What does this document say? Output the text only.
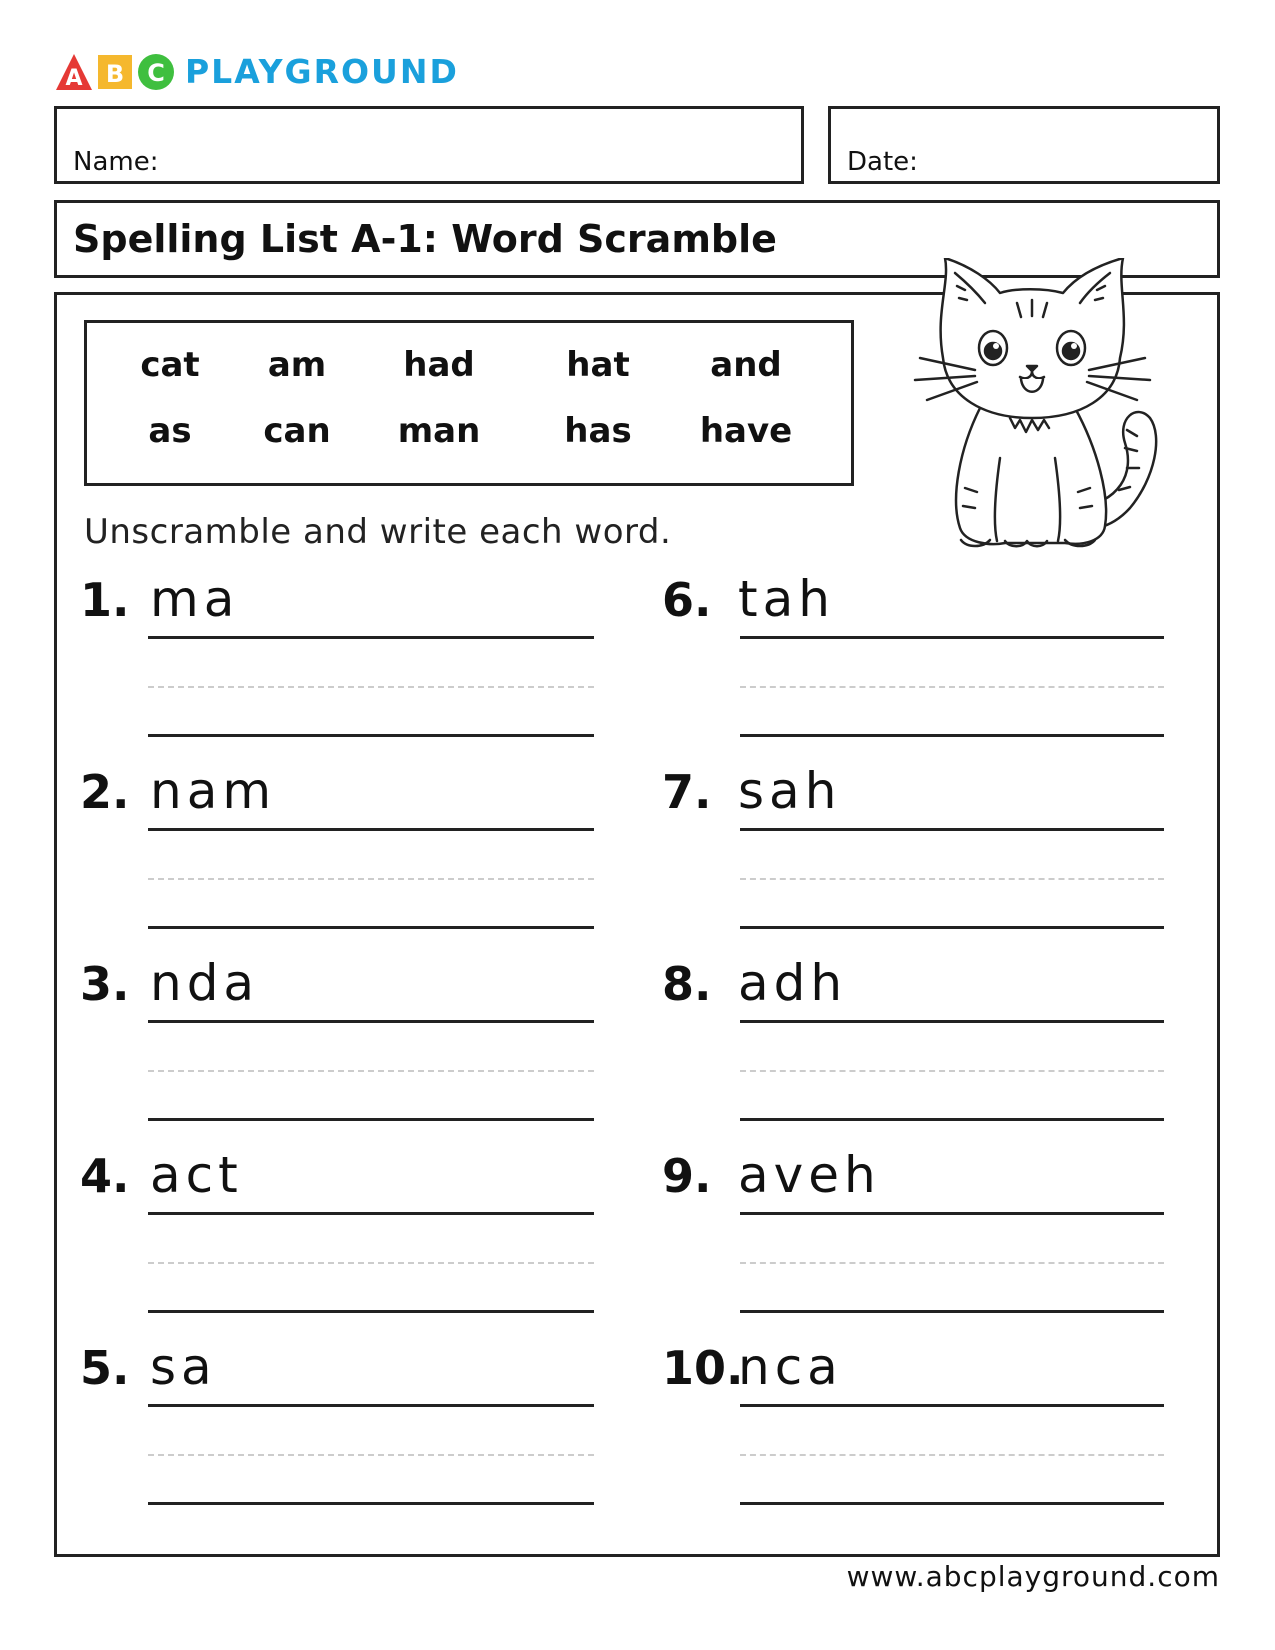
A B C PLAYGROUND
Name:	Date:
Spelling List A-1: Word Scramble
cat	am	had	hat	and
as	can	man	has	have
Unscramble and write each word.
1. ma
2. nam
3. nda
4. act
5. sa
6. tah
7. sah
8. adh
9. aveh
10.
nca
www.abcplayground.com
